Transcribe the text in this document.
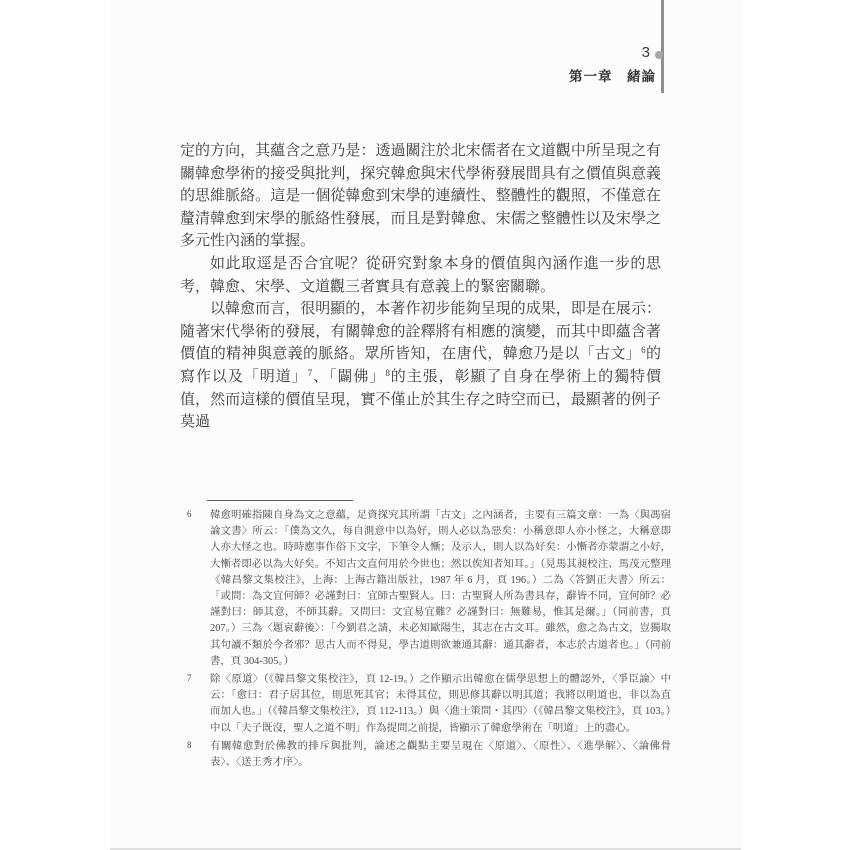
3
第一章　緒論

定的方向，其蘊含之意乃是：透過關注於北宋儒者在文道觀中所呈現之有關韓愈學術的接受與批判，探究韓愈與宋代學術發展間具有之價值與意義的思維脈絡。這是一個從韓愈到宋學的連續性、整體性的觀照，不僅意在釐清韓愈到宋學的脈絡性發展，而且是對韓愈、宋儒之整體性以及宋學之多元性內涵的掌握。

如此取逕是否合宜呢？從研究對象本身的價值與內涵作進一步的思考，韓愈、宋學、文道觀三者實具有意義上的緊密關聯。

以韓愈而言，很明顯的，本著作初步能夠呈現的成果，即是在展示：隨著宋代學術的發展，有關韓愈的詮釋將有相應的演變，而其中即蘊含著價值的精神與意義的脈絡。眾所皆知，在唐代，韓愈乃是以「古文」$^6$的寫作以及「明道」$^7$、「闢佛」$^8$的主張，彰顯了自身在學術上的獨特價值，然而這樣的價值呈現，實不僅止於其生存之時空而已，最顯著的例子莫過

6	韓愈明確指陳自身為文之意蘊，足資探究其所謂「古文」之內涵者，主要有三篇文章：一為〈與馮宿論文書〉所云：「僕為文久，每自測意中以為好，則人必以為惡矣：小稱意即人亦小怪之，大稱意即人亦大怪之也。時時應事作俗下文字，下筆令人慚；及示人，則人以為好矣：小慚者亦蒙謂之小好，大慚者即必以為大好矣。不知古文直何用於今世也；然以俟知者知耳。」（見馬其昶校注、馬茂元整理《韓昌黎文集校注》，上海：上海古籍出版社，1987 年 6 月，頁 196。）二為〈答劉正夫書〉所云：「或問：為文宜何師？必謹對曰：宜師古聖賢人。曰：古聖賢人所為書具存，辭皆不同，宜何師？必謹對曰：師其意，不師其辭。又問曰：文宜易宜難？必謹對曰：無難易，惟其是爾。」（同前書，頁 207。）三為〈題哀辭後〉：「今劉君之請，未必知歐陽生，其志在古文耳。雖然，愈之為古文，豈獨取其句讀不類於今者邪？思古人而不得見，學古道則欲兼通其辭：通其辭者，本志於古道者也。」（同前書，頁 304-305。）
7	除〈原道〉（《韓昌黎文集校注》，頁 12-19。）之作顯示出韓愈在儒學思想上的體認外，〈爭臣論〉中云：「愈曰：君子居其位，則思死其官；未得其位，則思修其辭以明其道；我將以明道也，非以為直而加人也。」（《韓昌黎文集校注》，頁 112-113。）與〈進士策問・其四〉（《韓昌黎文集校注》，頁 103。）中以「夫子既沒，聖人之道不明」作為提問之前提，皆顯示了韓愈學術在「明道」上的盡心。
8	有關韓愈對於佛教的排斥與批判，論述之觀點主要呈現在〈原道〉、〈原性〉、〈進學解〉、〈論佛骨表〉、〈送王秀才序〉。
